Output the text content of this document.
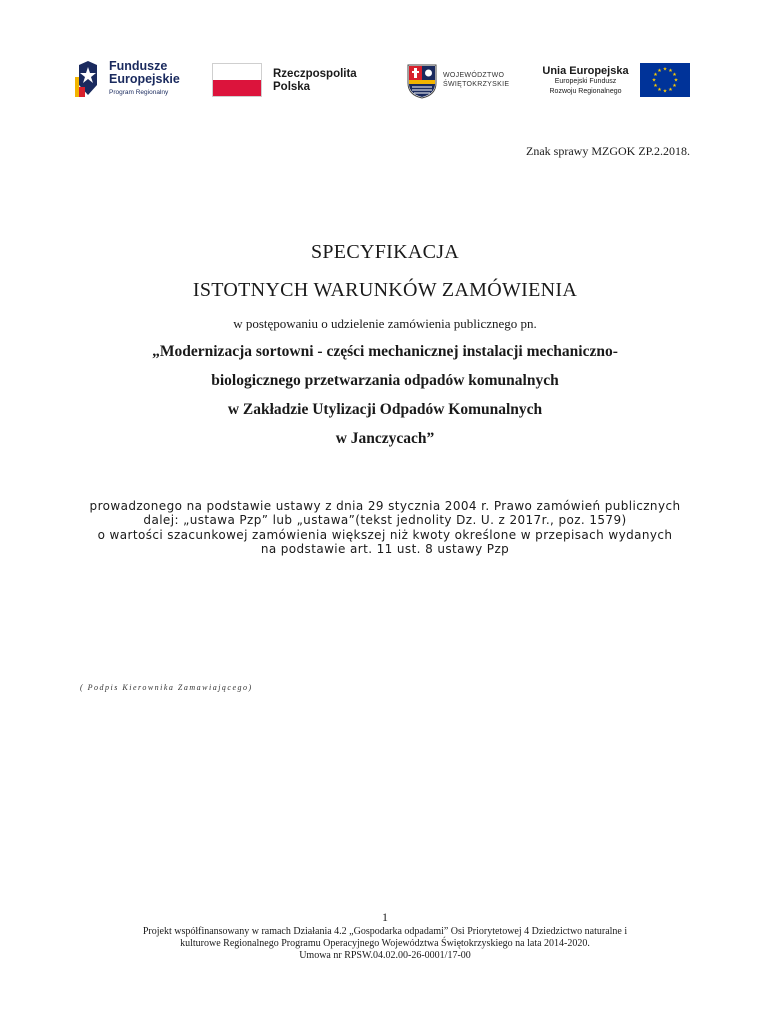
Fundusze
Europejskie
Program Regionalny
Rzeczpospolita
Polska
WOJEWÓDZTWO
ŚWIĘTOKRZYSKIE
Unia Europejska
Europejski Fundusz
Rozwoju Regionalnego
★ ★
★
★
★
★
★
★
★
★
★
★
Znak sprawy MZGOK ZP.2.2018.
SPECYFIKACJA
ISTOTNYCH WARUNKÓW ZAMÓWIENIA
w postępowaniu o udzielenie zamówienia publicznego pn.
„Modernizacja sortowni - części mechanicznej instalacji mechaniczno-
biologicznego przetwarzania odpadów komunalnych
w Zakładzie Utylizacji Odpadów Komunalnych
w Janczycach”
prowadzonego na podstawie ustawy z dnia 29 stycznia 2004 r. Prawo zamówień publicznych
dalej: „ustawa Pzp” lub „ustawa”(tekst jednolity Dz. U. z 2017r., poz. 1579)
o wartości szacunkowej zamówienia większej niż kwoty określone w przepisach wydanych
na podstawie art. 11 ust. 8 ustawy Pzp
( Podpis Kierownika Zamawiającego)
1
Projekt współfinansowany w ramach Działania 4.2 „Gospodarka odpadami” Osi Priorytetowej 4 Dziedzictwo naturalne i
kulturowe Regionalnego Programu Operacyjnego Województwa Świętokrzyskiego na lata 2014-2020.
Umowa nr RPSW.04.02.00-26-0001/17-00
